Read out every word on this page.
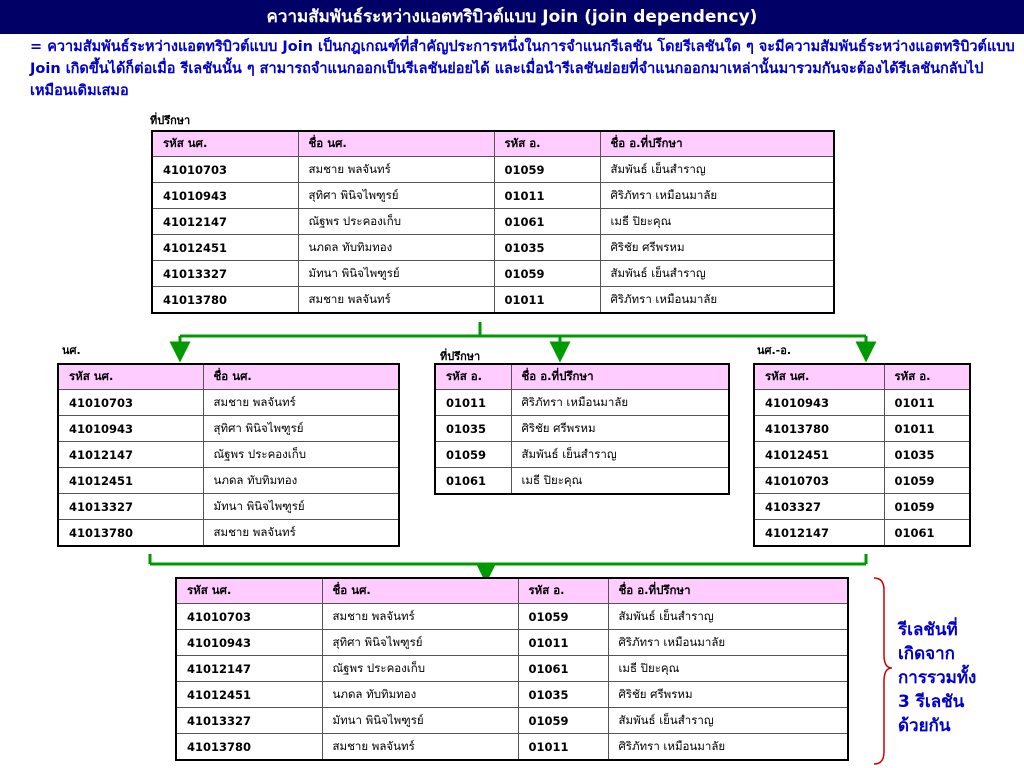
ความสัมพันธ์ระหว่างแอตทริบิวต์แบบ Join (join dependency)
= ความสัมพันธ์ระหว่างแอตทริบิวต์แบบ Join เป็นกฎเกณฑ์ที่สำคัญประการหนึ่งในการจำแนกรีเลชัน โดยรีเลชันใด ๆ จะมีความสัมพันธ์ระหว่างแอตทริบิวต์แบบ Join เกิดขึ้นได้ก็ต่อเมื่อ รีเลชันนั้น ๆ สามารถจำแนกออกเป็นรีเลชันย่อยได้ และเมื่อนำรีเลชันย่อยที่จำแนกออกมาเหล่านั้นมารวมกันจะต้องได้รีเลชันกลับไปเหมือนเดิมเสมอ
ที่ปรึกษา
รหัส นศ.	ชื่อ นศ.	รหัส อ.	ชื่อ อ.ที่ปรึกษา
41010703	สมชาย พลจันทร์	01059	สัมพันธ์ เย็นสำราญ
41010943	สุทิศา พินิจไพฑูรย์	01011	ศิริภัทรา เหมือนมาลัย
41012147	ณัฐพร ประคองเก็บ	01061	เมธี ปิยะคุณ
41012451	นภดล ทับทิมทอง	01035	ศิริชัย ศรีพรหม
41013327	มัทนา พินิจไพฑูรย์	01059	สัมพันธ์ เย็นสำราญ
41013780	สมชาย พลจันทร์	01011	ศิริภัทรา เหมือนมาลัย
นศ.
รหัส นศ.	ชื่อ นศ.
41010703	สมชาย พลจันทร์
41010943	สุทิศา พินิจไพฑูรย์
41012147	ณัฐพร ประคองเก็บ
41012451	นภดล ทับทิมทอง
41013327	มัทนา พินิจไพฑูรย์
41013780	สมชาย พลจันทร์
ที่ปรึกษา
รหัส อ.	ชื่อ อ.ที่ปรึกษา
01011	ศิริภัทรา เหมือนมาลัย
01035	ศิริชัย ศรีพรหม
01059	สัมพันธ์ เย็นสำราญ
01061	เมธี ปิยะคุณ
นศ.-อ.
รหัส นศ.	รหัส อ.
41010943	01011
41013780	01011
41012451	01035
41010703	01059
4103327	01059
41012147	01061
รหัส นศ.	ชื่อ นศ.	รหัส อ.	ชื่อ อ.ที่ปรึกษา
41010703	สมชาย พลจันทร์	01059	สัมพันธ์ เย็นสำราญ
41010943	สุทิศา พินิจไพฑูรย์	01011	ศิริภัทรา เหมือนมาลัย
41012147	ณัฐพร ประคองเก็บ	01061	เมธี ปิยะคุณ
41012451	นภดล ทับทิมทอง	01035	ศิริชัย ศรีพรหม
41013327	มัทนา พินิจไพฑูรย์	01059	สัมพันธ์ เย็นสำราญ
41013780	สมชาย พลจันทร์	01011	ศิริภัทรา เหมือนมาลัย
รีเลชันที่
เกิดจาก
การรวมทั้ง
3 รีเลชัน
ด้วยกัน
